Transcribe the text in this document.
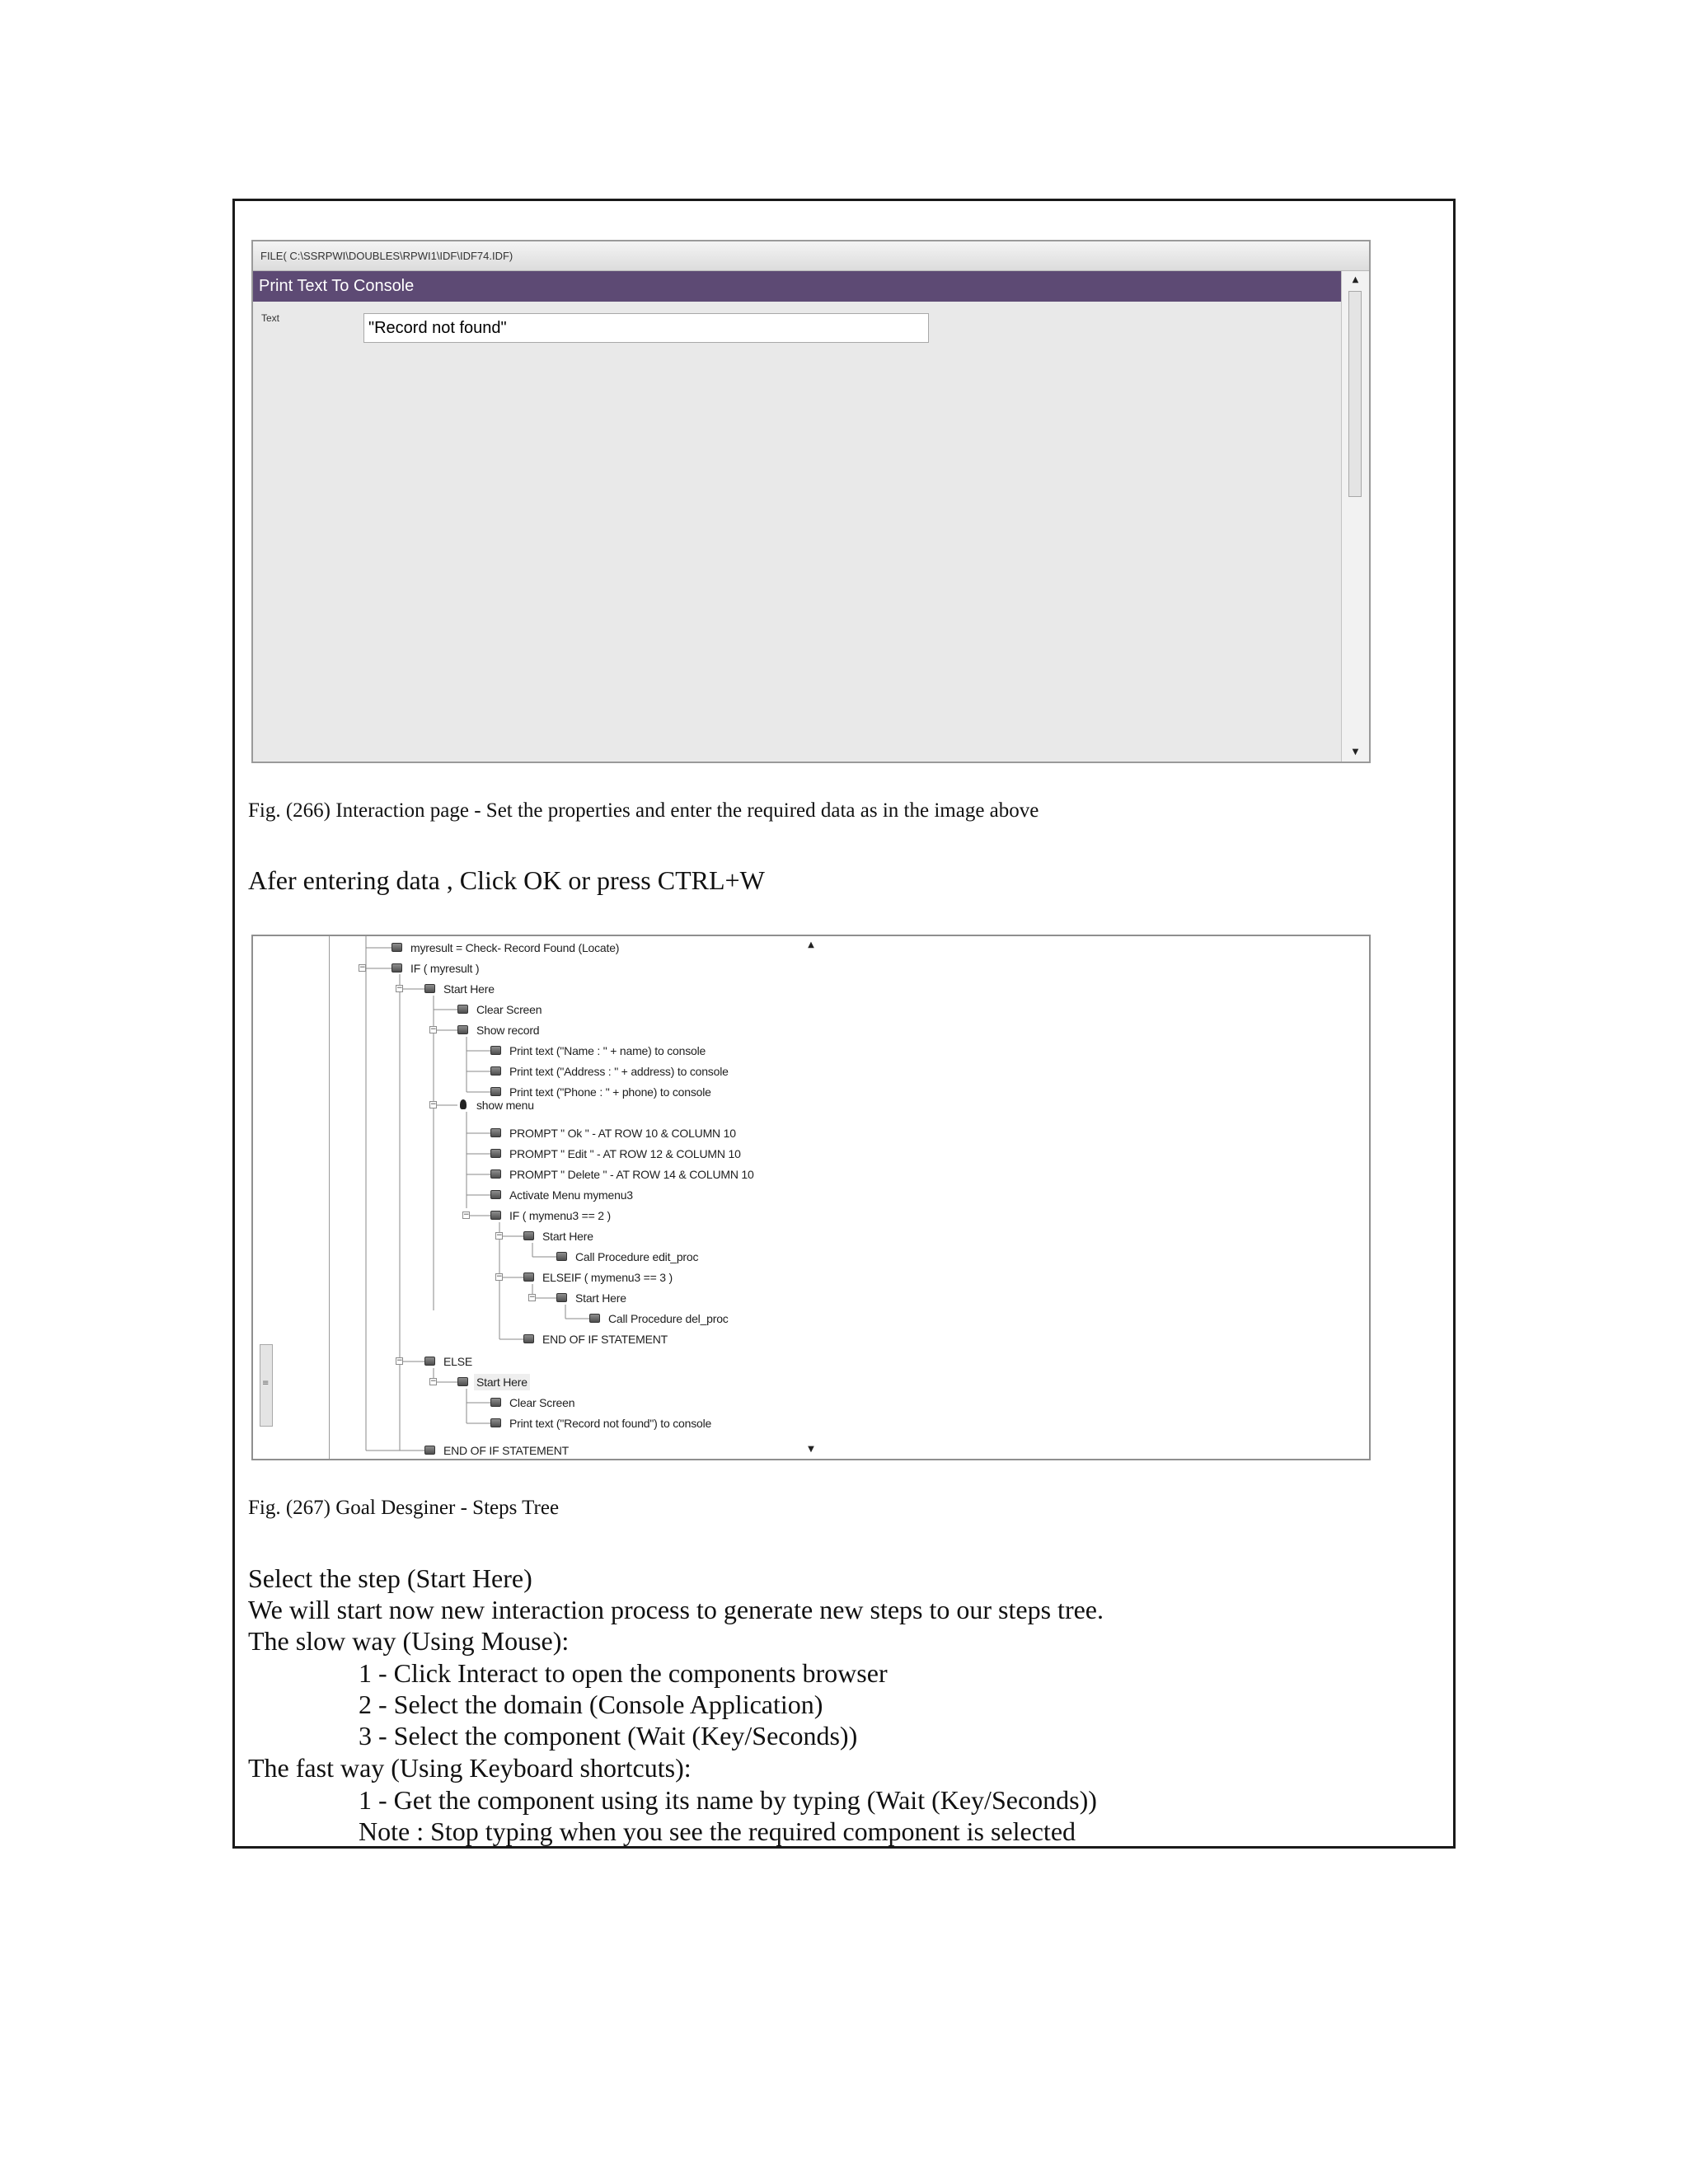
FILE( C:\SSRPWI\DOUBLES\RPWI1\IDF\IDF74.IDF)
Print Text To Console
Text
"Record not found"
▲
▼
Fig. (266) Interaction page - Set the properties and enter the required data as in the image above
Afer entering data , Click OK or press CTRL+W
myresult = Check- Record Found (Locate)
−	IF ( myresult )
−	Start Here
Clear Screen
−	Show record
Print text ("Name : " + name) to console
Print text ("Address : " + address) to console
Print text ("Phone : " + phone) to console
−	show menu
PROMPT " Ok " - AT ROW 10 & COLUMN 10
PROMPT " Edit " - AT ROW 12 & COLUMN 10
PROMPT " Delete " - AT ROW 14 & COLUMN 10
Activate Menu mymenu3
−	IF ( mymenu3 == 2 )
−	Start Here
Call Procedure edit_proc
−	ELSEIF ( mymenu3 == 3 )
−	Start Here
Call Procedure del_proc
END OF IF STATEMENT
−	ELSE
−	Start Here
Clear Screen
Print text ("Record not found") to console
END OF IF STATEMENT
▲
≡
▼
Fig. (267) Goal Desginer - Steps Tree
Select the step (Start Here)
We will start now new interaction process to generate new steps to our steps tree.
The slow way (Using Mouse):
1 - Click Interact to open the components browser
2 - Select the domain (Console Application)
3 - Select the component (Wait (Key/Seconds))
The fast way (Using Keyboard shortcuts):
1 - Get the component using its name by typing (Wait (Key/Seconds))
Note : Stop typing when you see the required component is selected
